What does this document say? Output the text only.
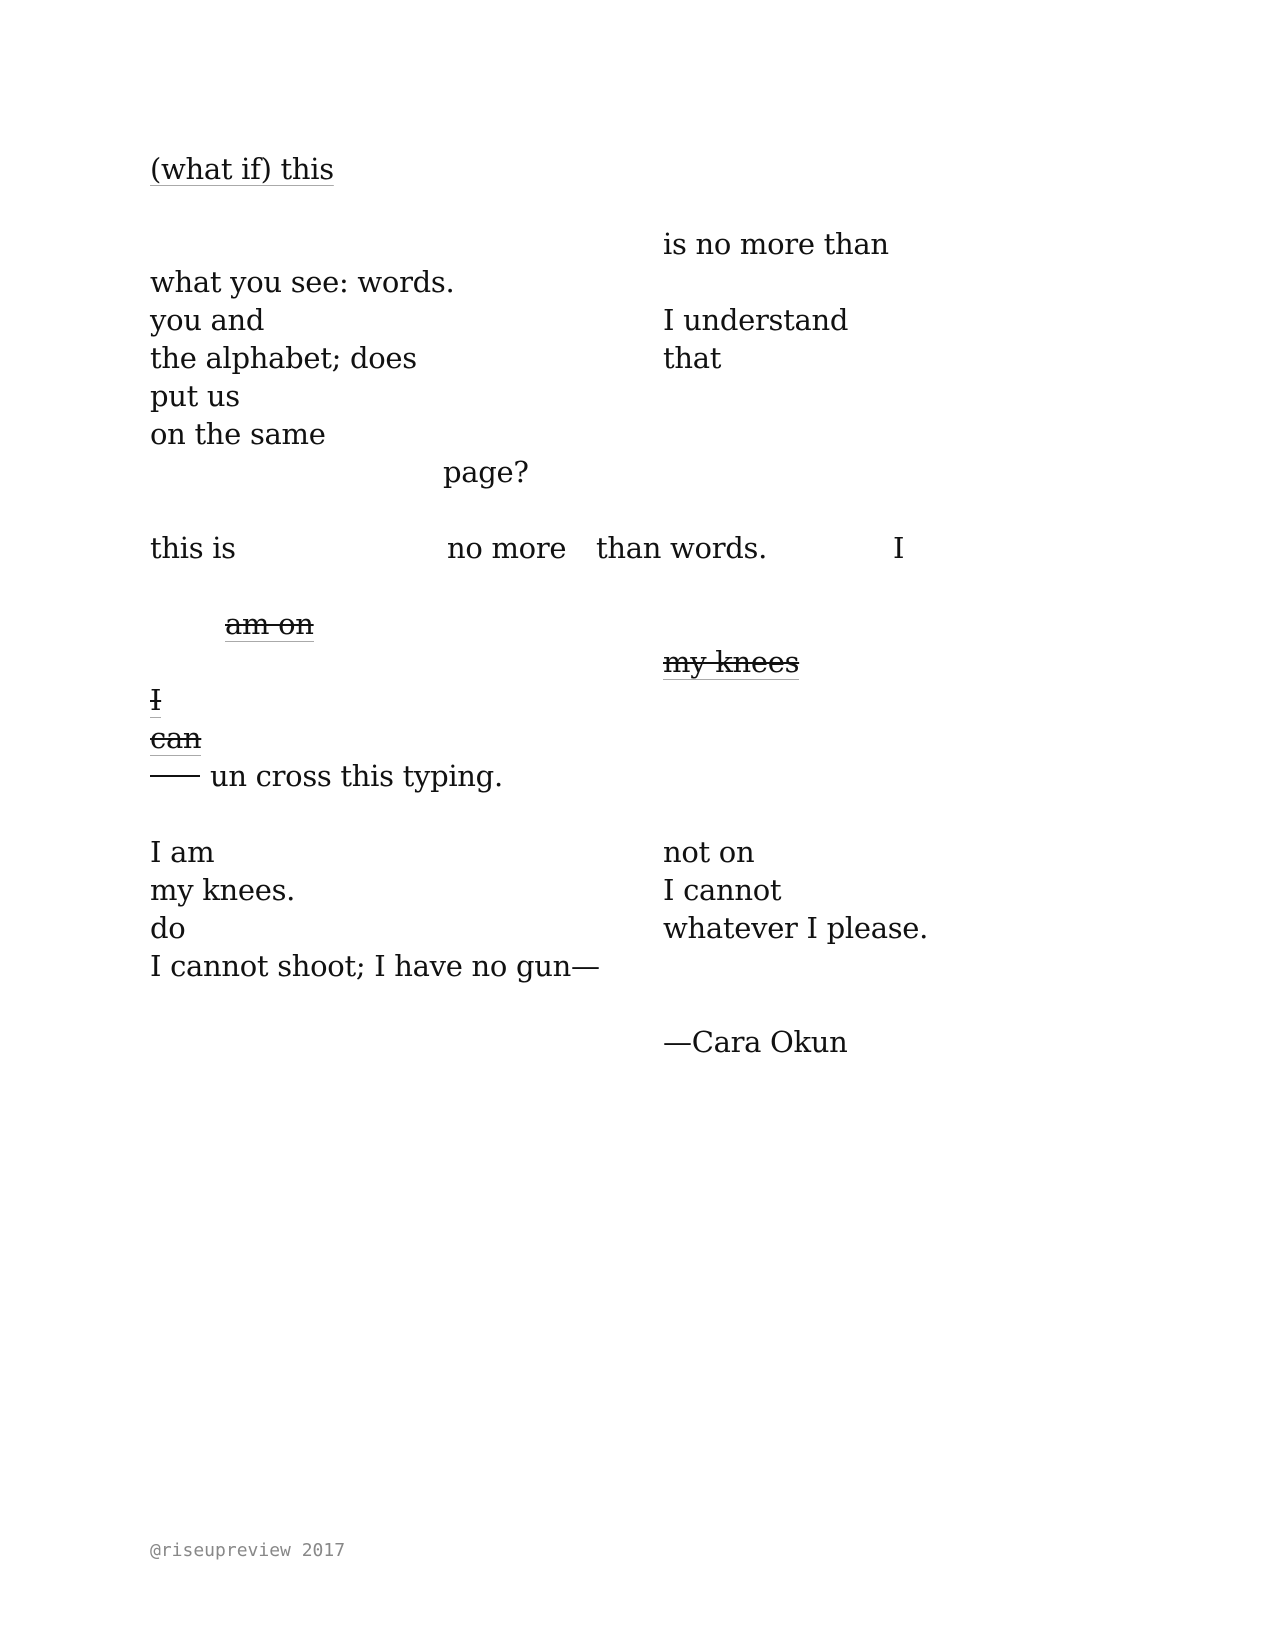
(what if) this
is no more than
what you see: words.
you and	I understand
the alphabet; does	that
put us
on the same
page?
this is	no more than words.	I
am on
my knees
I
can
un cross this typing.
I am	not on
my knees.	I cannot
do	whatever I please.
I cannot shoot; I have no gun—
—Cara Okun
@riseupreview 2017
